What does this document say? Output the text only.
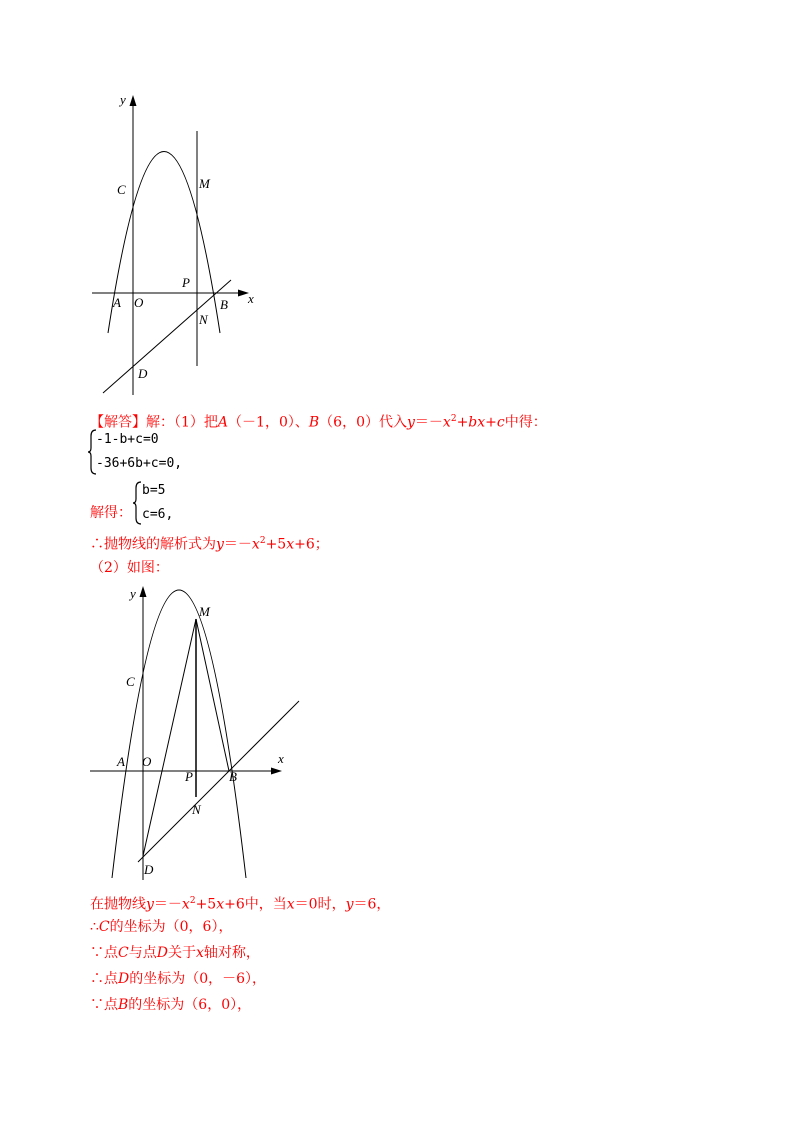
y
C	M
P
A O	B x
N
D
【解答】解：（1）把A（－1，0）、B（6，0）代入$y=-x^2+bx+c$中得：
-1-b+c=0
-36+6b+c=0,
解得：
b=5
c=6,
∴抛物线的解析式为$y=-x^2+5x+6$；
（2）如图：
y
M
C
A O	x
P	B
N
D
在抛物线$y=-x^2+5x+6$中，当x＝0时，y＝6，
∴C的坐标为（0，6），
∵点C与点D关于x轴对称，
∴点D的坐标为（0，－6），
∵点B的坐标为（6，0），
